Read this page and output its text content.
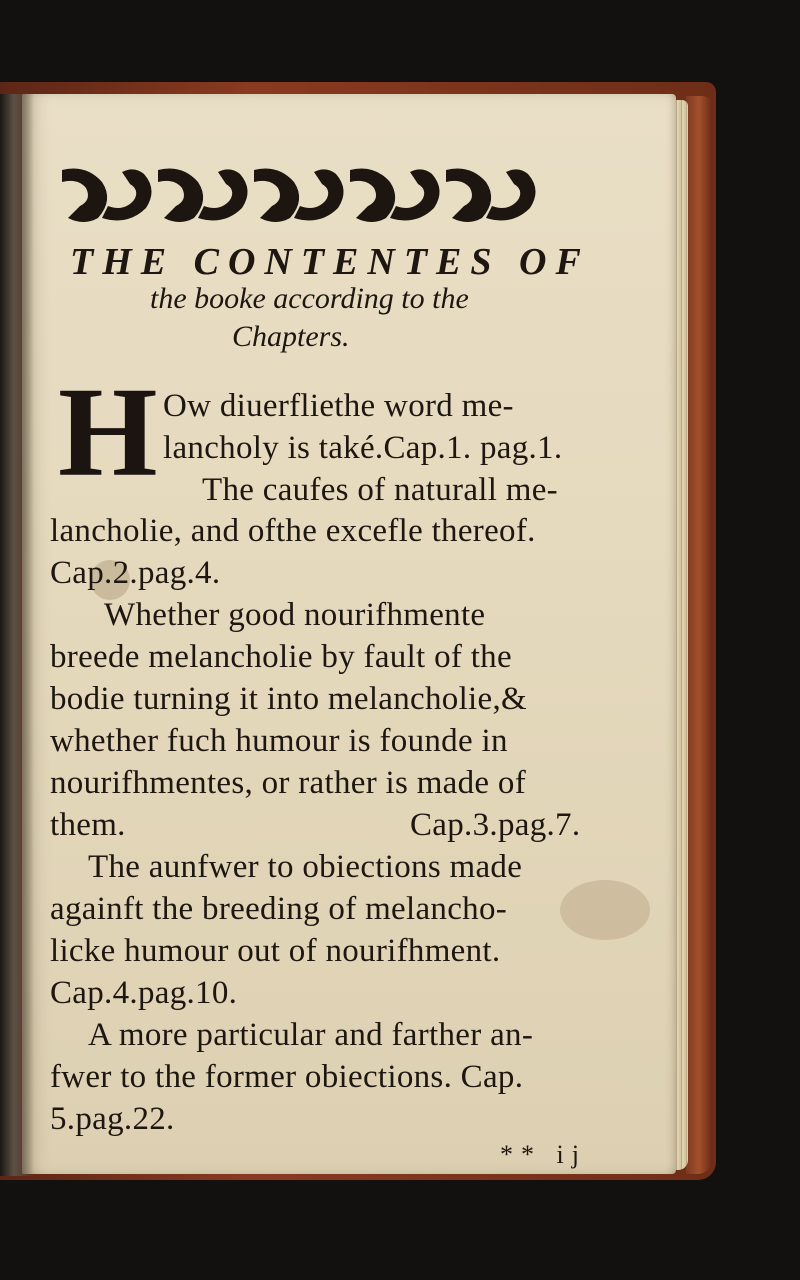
THE CONTENTES OF
the booke according to the
Chapters.
H Ow diuerfliethe word me-
lancholy is také.Cap.1. pag.1.
The caufes of naturall me-
lancholie, and ofthe excefle thereof.
Cap.2.pag.4.
Whether good nourifhmente
breede melancholie by fault of the
bodie turning it into melancholie,&
whether fuch humour is founde in
nourifhmentes, or rather is made of
them.	Cap.3.pag.7.
The aunfwer to obiections made
againft the breeding of melancho-
licke humour out of nourifhment.
Cap.4.pag.10.
A more particular and farther an-
fwer to the former obiections. Cap.
5.pag.22.
** ij
